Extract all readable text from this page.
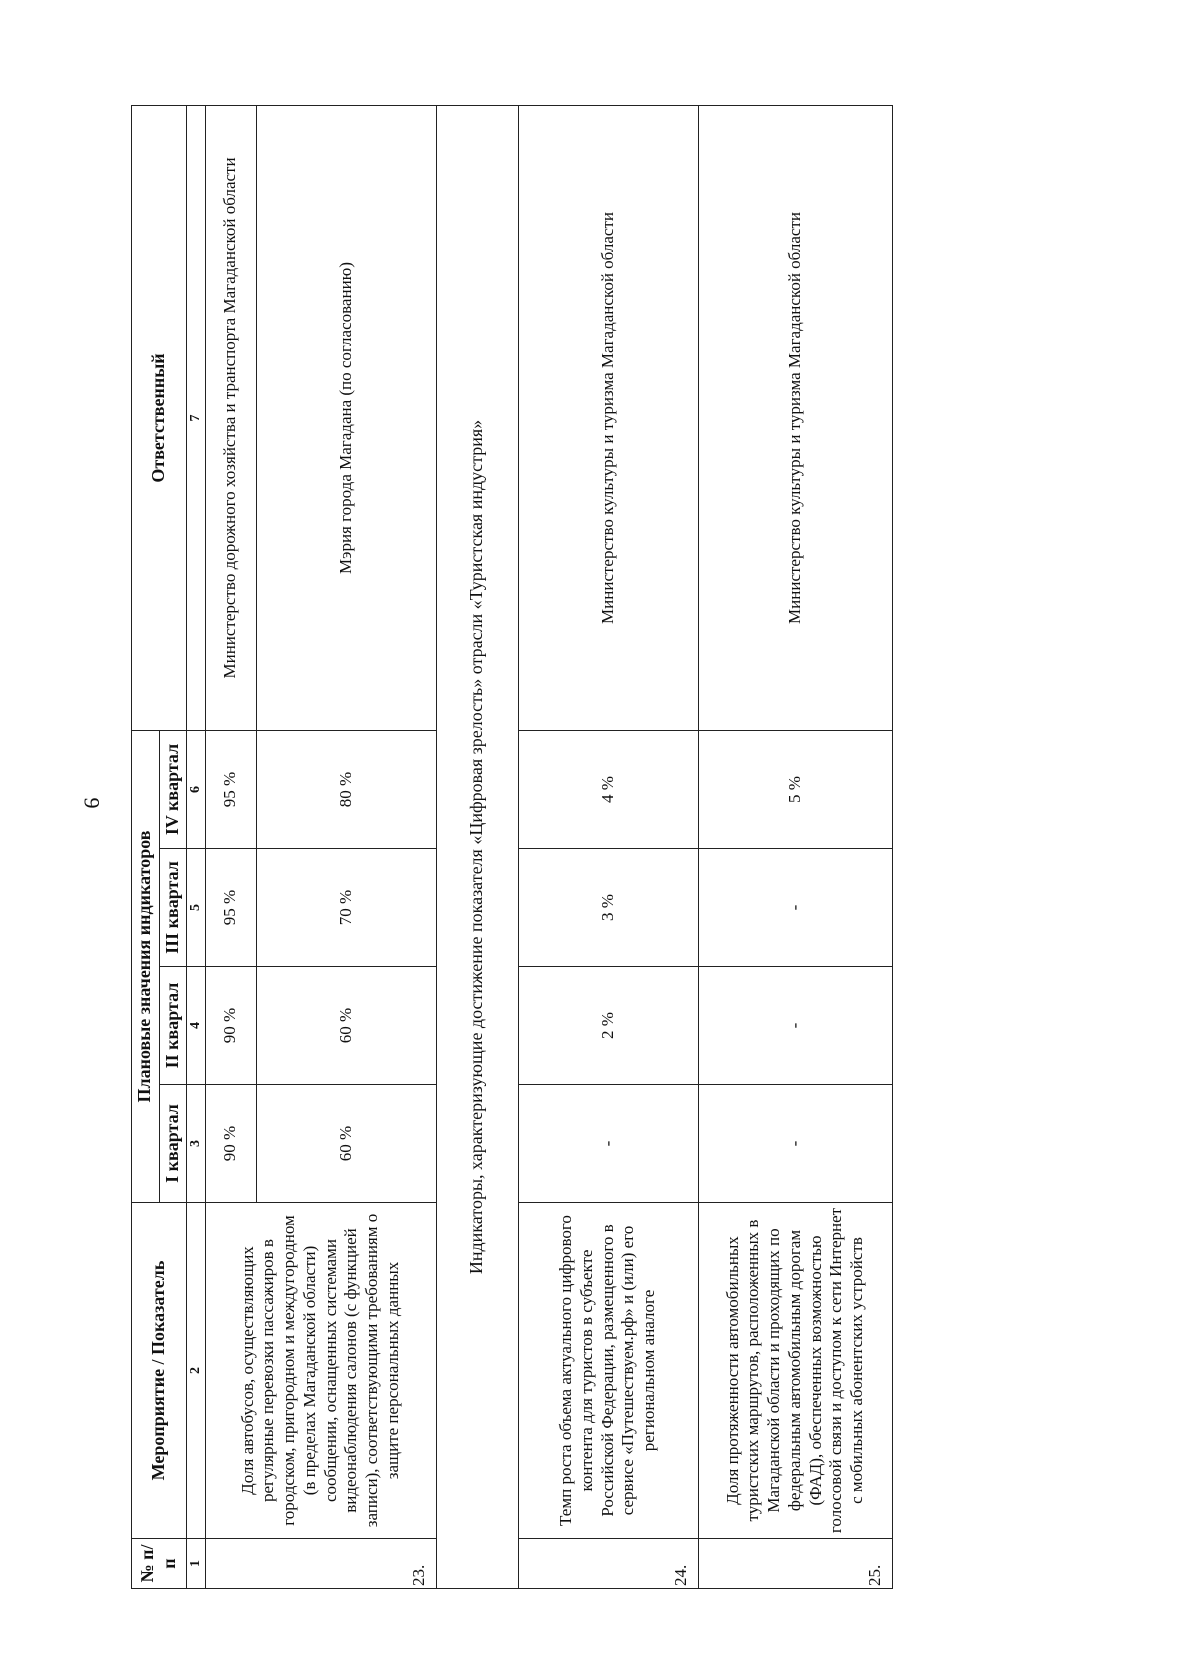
9
№ п/п	Мероприятие / Показатель	Плановые значения индикаторов				Ответственный
		I квартал	II квартал	III квартал	IV квартал	
1	2	3	4	5	6	7
23.	Доля автобусов, осуществляющих регулярные перевозки пассажиров в городском, пригородном и междугородном (в пределах Магаданской области) сообщении, оснащенных системами видеонаблюдения салонов (с функцией записи), соответствующими требованиям о защите персональных данных	90 %	90 %	95 %	95 %	Министерство дорожного хозяйства и транспорта Магаданской области
		60 %	60 %	70 %	80 %	Мэрия города Магадана (по согласованию)
Индикаторы, характеризующие достижение показателя «Цифровая зрелость» отрасли «Туристская индустрия»						
24.	Темп роста объема актуального цифрового контента для туристов в субъекте Российской Федерации, размещенного в сервисе «Путешествуем.рф» и (или) его региональном аналоге	-	2 %	3 %	4 %	Министерство культуры и туризма Магаданской области
25.	Доля протяженности автомобильных туристских маршрутов, расположенных в Магаданской области и проходящих по федеральным автомобильным дорогам (ФАД), обеспеченных возможностью голосовой связи и доступом к сети Интернет с мобильных абонентских устройств	-	-	-	5 %	Министерство культуры и туризма Магаданской области
